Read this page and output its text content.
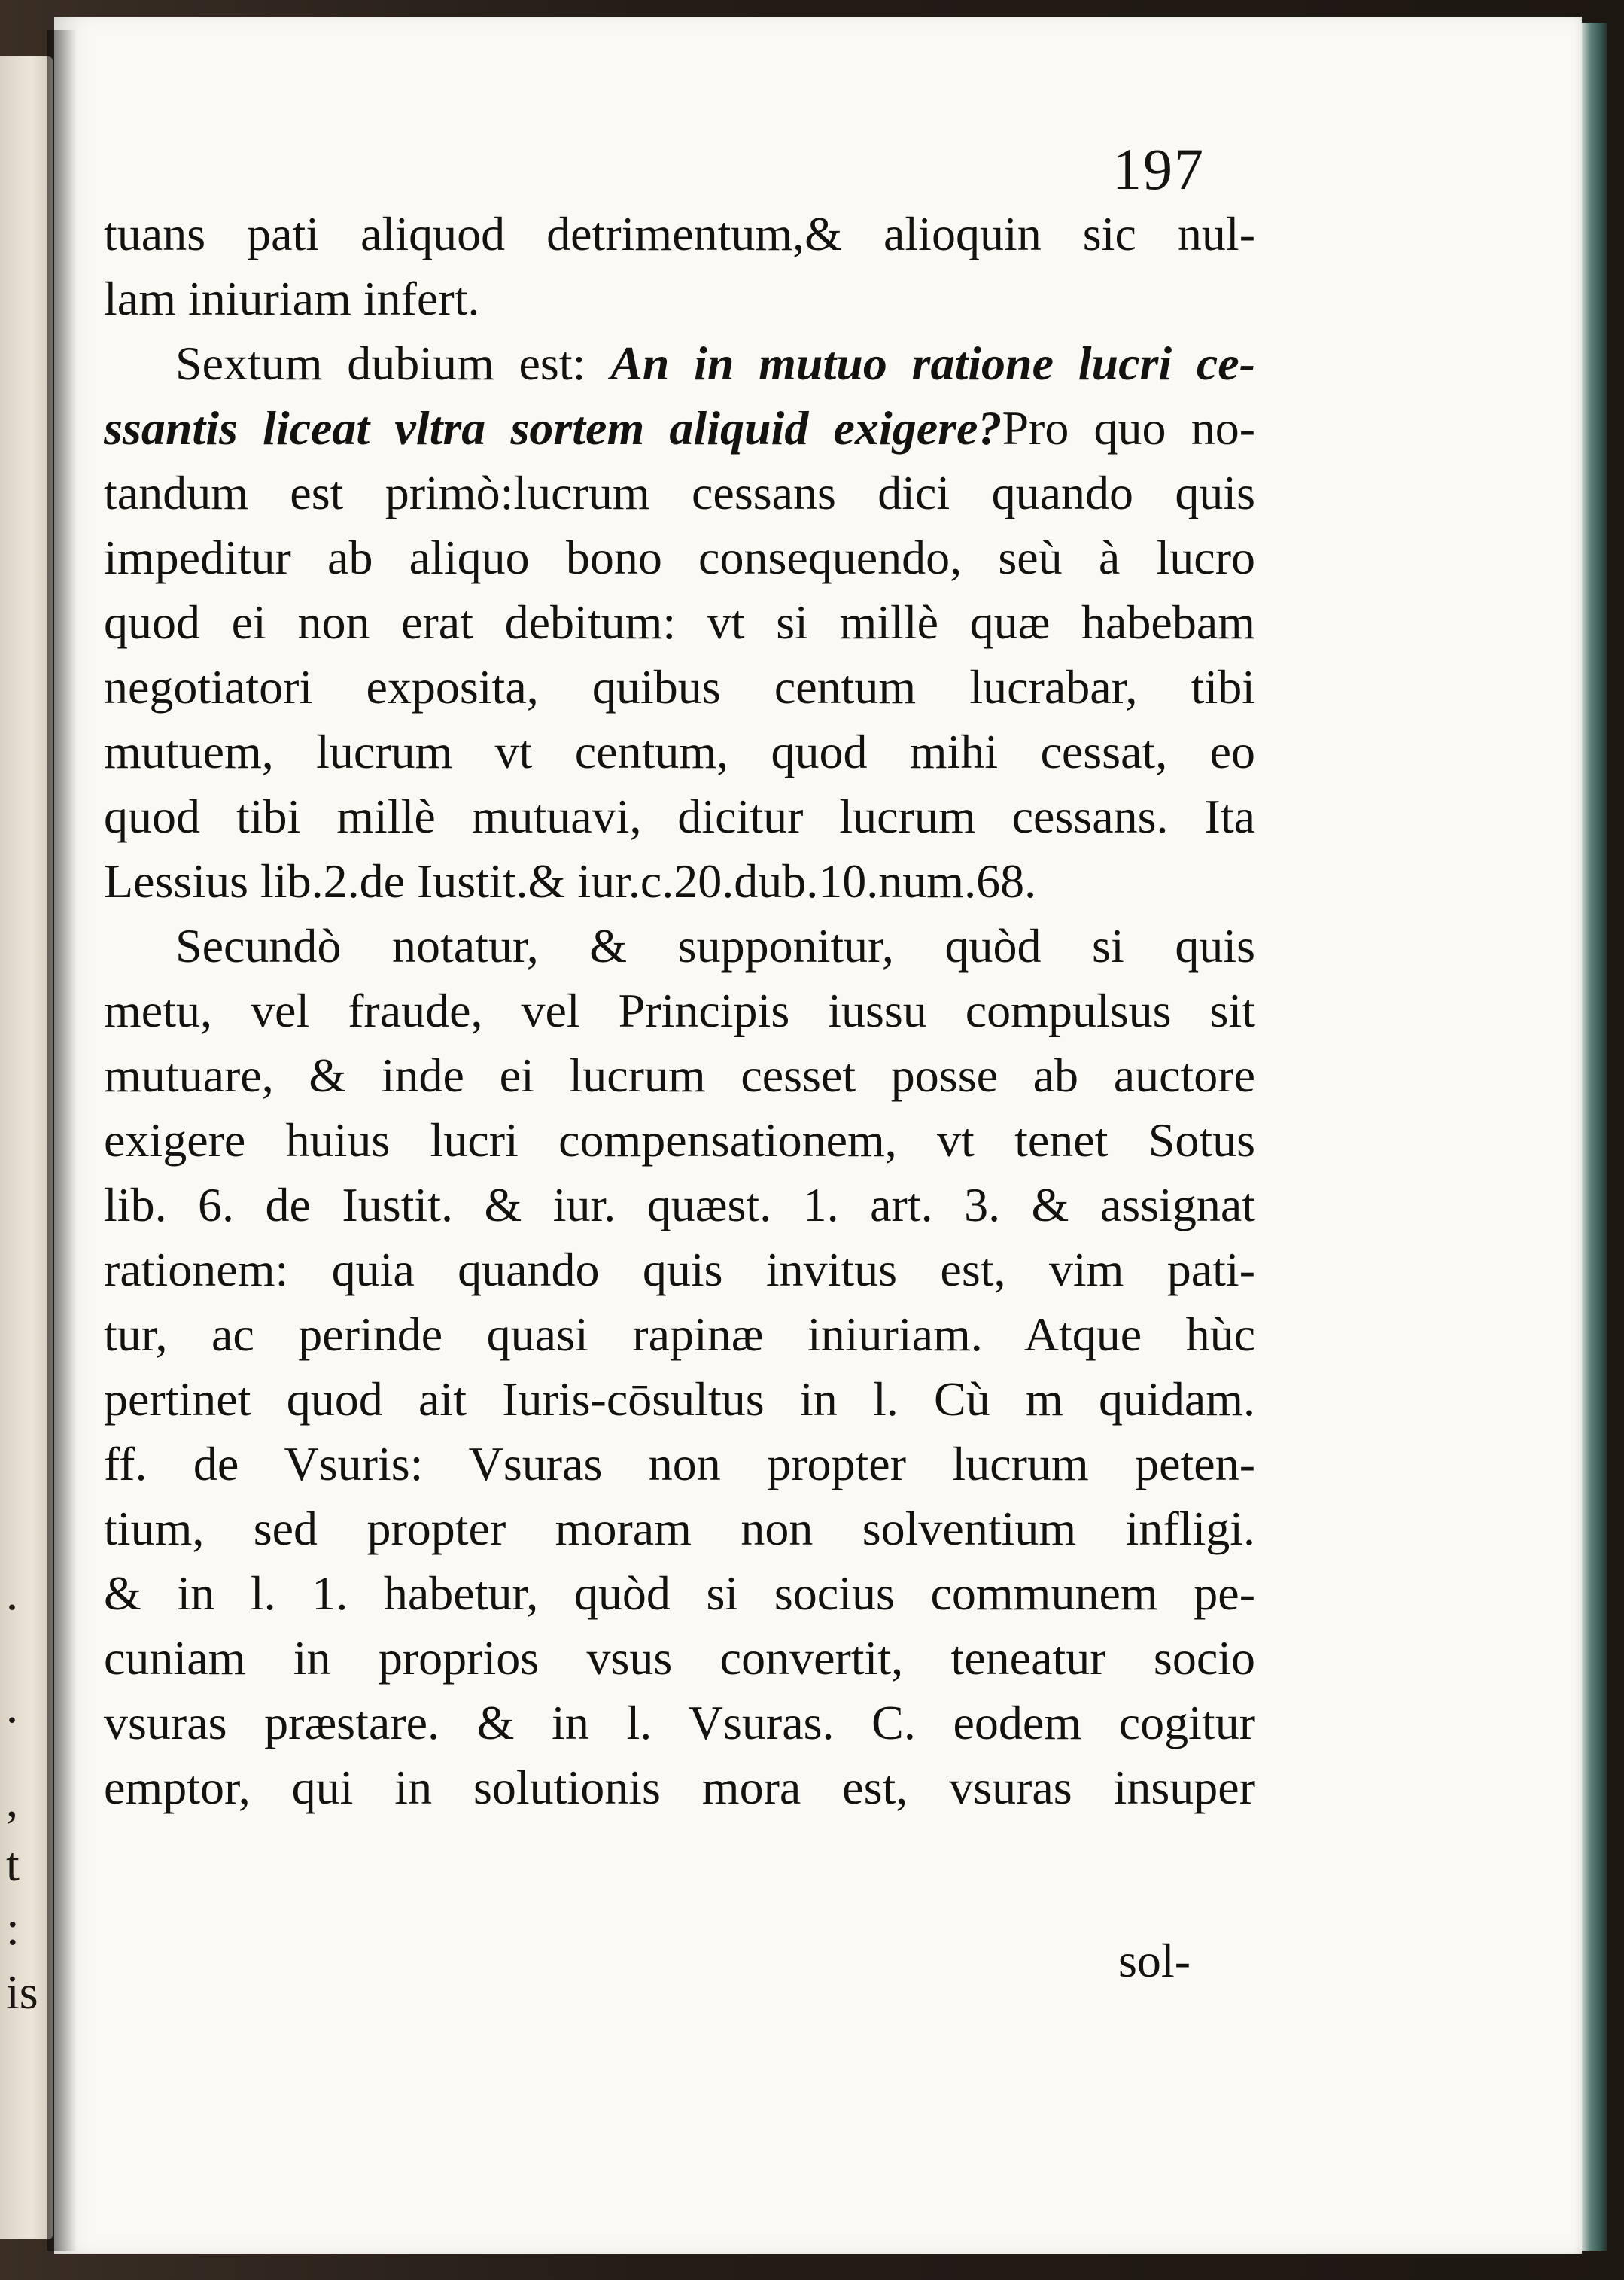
.
.
,
t
:
is
197
tuans pati aliquod detrimentum,& alioquin sic nul-
lam iniuriam infert.
Sextum dubium est: An in mutuo ratione lucri ce-
ssantis liceat vltra sortem aliquid exigere?Pro quo no-
tandum est primò:lucrum cessans dici quando quis
impeditur ab aliquo bono consequendo, seù à lucro
quod ei non erat debitum: vt si millè quæ habebam
negotiatori exposita, quibus centum lucrabar, tibi
mutuem, lucrum vt centum, quod mihi cessat, eo
quod tibi millè mutuavi, dicitur lucrum cessans. Ita
Lessius lib.2.de Iustit.& iur.c.20.dub.10.num.68.
Secundò notatur, & supponitur, quòd si quis
metu, vel fraude, vel Principis iussu compulsus sit
mutuare, & inde ei lucrum cesset posse ab auctore
exigere huius lucri compensationem, vt tenet Sotus
lib. 6. de Iustit. & iur. quæst. 1. art. 3. & assignat
rationem: quia quando quis invitus est, vim pati-
tur, ac perinde quasi rapinæ iniuriam. Atque hùc
pertinet quod ait Iuris-cōsultus in l. Cù m quidam.
ff. de Vsuris: Vsuras non propter lucrum peten-
tium, sed propter moram non solventium infligi.
& in l. 1. habetur, quòd si socius communem pe-
cuniam in proprios vsus convertit, teneatur socio
vsuras præstare. & in l. Vsuras. C. eodem cogitur
emptor, qui in solutionis mora est, vsuras insuper
sol-
